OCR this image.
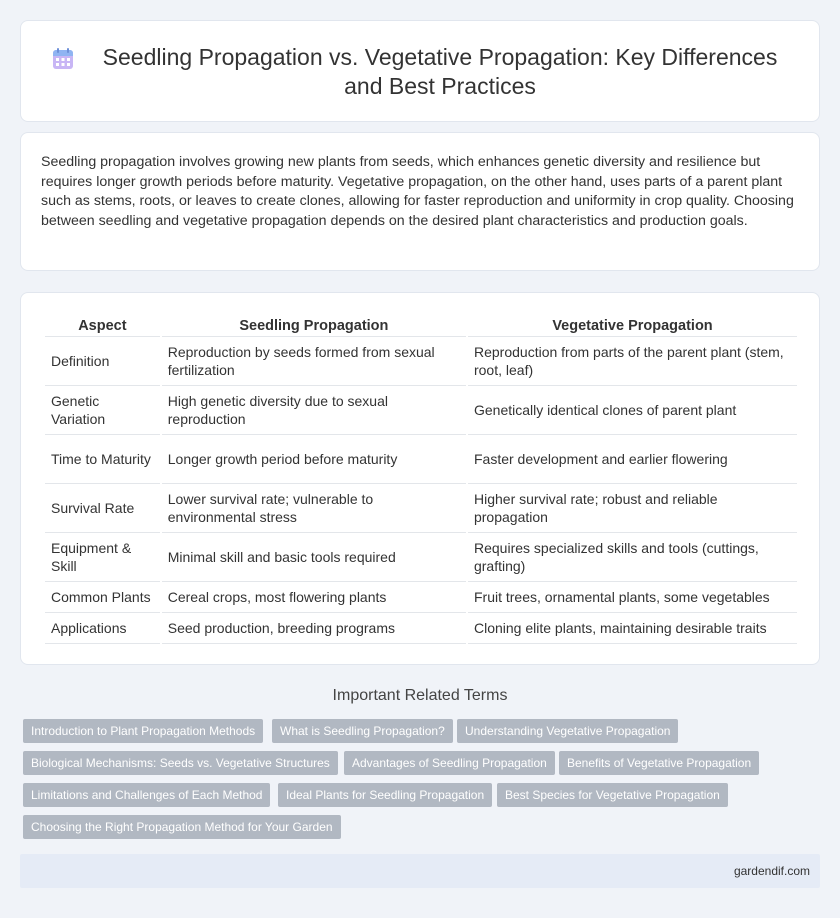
Seedling Propagation vs. Vegetative Propagation: Key Differences and Best Practices

Seedling propagation involves growing new plants from seeds, which enhances genetic diversity and resilience but requires longer growth periods before maturity. Vegetative propagation, on the other hand, uses parts of a parent plant such as stems, roots, or leaves to create clones, allowing for faster reproduction and uniformity in crop quality. Choosing between seedling and vegetative propagation depends on the desired plant characteristics and production goals.

Aspect	Seedling Propagation	Vegetative Propagation
Definition	Reproduction by seeds formed from sexual fertilization	Reproduction from parts of the parent plant (stem, root, leaf)
Genetic Variation	High genetic diversity due to sexual reproduction	Genetically identical clones of parent plant
Time to Maturity	Longer growth period before maturity	Faster development and earlier flowering
Survival Rate	Lower survival rate; vulnerable to environmental stress	Higher survival rate; robust and reliable propagation
Equipment & Skill	Minimal skill and basic tools required	Requires specialized skills and tools (cuttings, grafting)
Common Plants	Cereal crops, most flowering plants	Fruit trees, ornamental plants, some vegetables
Applications	Seed production, breeding programs	Cloning elite plants, maintaining desirable traits
Important Related Terms
Introduction to Plant Propagation Methods	What is Seedling Propagation?	Understanding Vegetative Propagation
Biological Mechanisms: Seeds vs. Vegetative Structures	Advantages of Seedling Propagation	Benefits of Vegetative Propagation
Limitations and Challenges of Each Method	Ideal Plants for Seedling Propagation	Best Species for Vegetative Propagation
Choosing the Right Propagation Method for Your Garden
gardendif.com
